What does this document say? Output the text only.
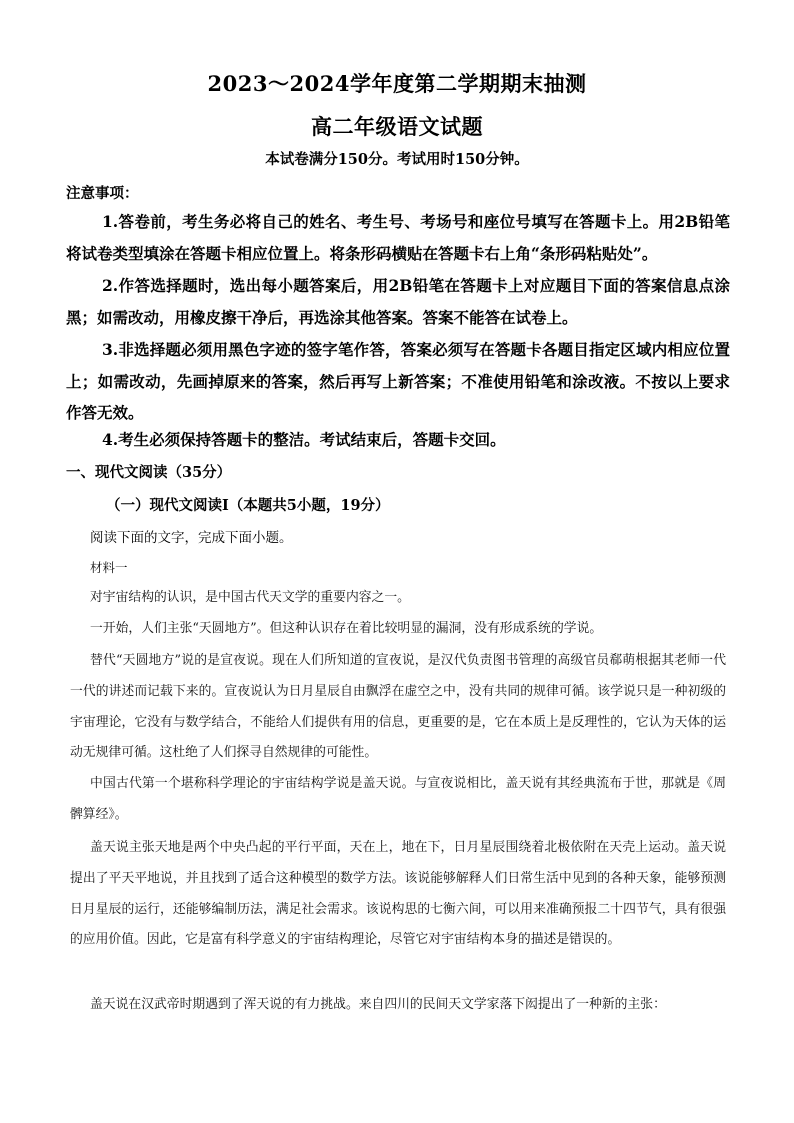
2023～2024学年度第二学期期末抽测
高二年级语文试题
本试卷满分150分。考试用时150分钟。
注意事项：

1.答卷前，考生务必将自己的姓名、考生号、考场号和座位号填写在答题卡上。用2B铅笔将试卷类型填涂在答题卡相应位置上。将条形码横贴在答题卡右上角“条形码粘贴处”。

2.作答选择题时，选出每小题答案后，用2B铅笔在答题卡上对应题目下面的答案信息点涂黑；如需改动，用橡皮擦干净后，再选涂其他答案。答案不能答在试卷上。

3.非选择题必须用黑色字迹的签字笔作答，答案必须写在答题卡各题目指定区域内相应位置上；如需改动，先画掉原来的答案，然后再写上新答案；不准使用铅笔和涂改液。不按以上要求作答无效。

4.考生必须保持答题卡的整洁。考试结束后，答题卡交回。

一、现代文阅读（35分）
（一）现代文阅读Ⅰ（本题共5小题，19分）
阅读下面的文字，完成下面小题。
材料一

对宇宙结构的认识，是中国古代天文学的重要内容之一。

一开始，人们主张“天圆地方”。但这种认识存在着比较明显的漏洞，没有形成系统的学说。

替代“天圆地方”说的是宣夜说。现在人们所知道的宣夜说，是汉代负责图书管理的高级官员郗萌根据其老师一代一代的讲述而记载下来的。宣夜说认为日月星辰自由飘浮在虚空之中，没有共同的规律可循。该学说只是一种初级的宇宙理论，它没有与数学结合，不能给人们提供有用的信息，更重要的是，它在本质上是反理性的，它认为天体的运动无规律可循。这杜绝了人们探寻自然规律的可能性。

中国古代第一个堪称科学理论的宇宙结构学说是盖天说。与宣夜说相比，盖天说有其经典流布于世，那就是《周髀算经》。

盖天说主张天地是两个中央凸起的平行平面，天在上，地在下，日月星辰围绕着北极依附在天壳上运动。盖天说提出了平天平地说，并且找到了适合这种模型的数学方法。该说能够解释人们日常生活中见到的各种天象，能够预测日月星辰的运行，还能够编制历法，满足社会需求。该说构思的七衡六间，可以用来准确预报二十四节气，具有很强的应用价值。因此，它是富有科学意义的宇宙结构理论，尽管它对宇宙结构本身的描述是错误的。

盖天说在汉武帝时期遇到了浑天说的有力挑战。来自四川的民间天文学家落下闳提出了一种新的主张：
